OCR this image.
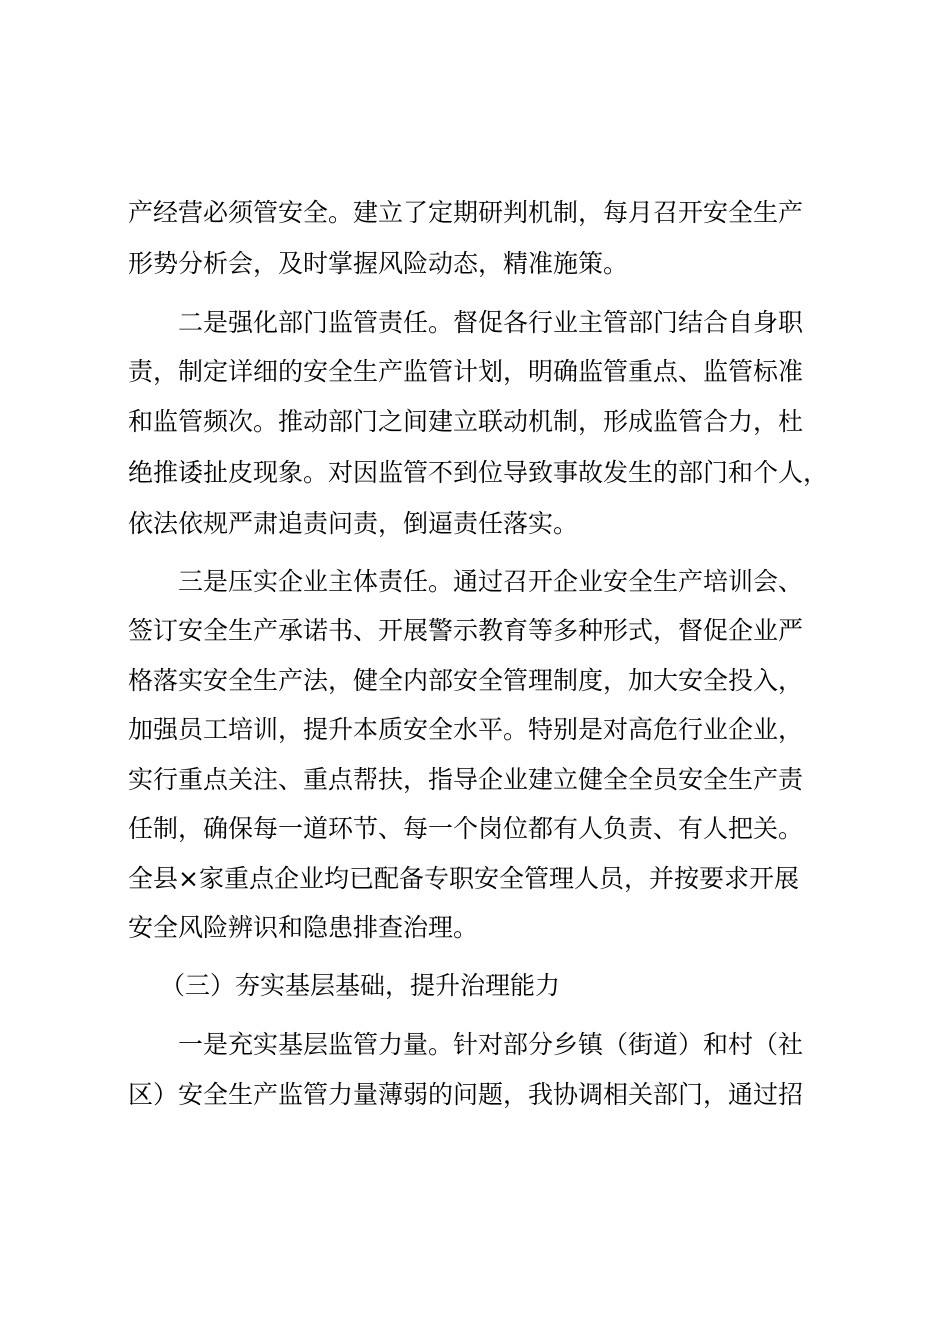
产经营必须管安全。建立了定期研判机制，每月召开安全生产
形势分析会，及时掌握风险动态，精准施策。
二是强化部门监管责任。督促各行业主管部门结合自身职
责，制定详细的安全生产监管计划，明确监管重点、监管标准
和监管频次。推动部门之间建立联动机制，形成监管合力，杜
绝推诿扯皮现象。对因监管不到位导致事故发生的部门和个人，
依法依规严肃追责问责，倒逼责任落实。
三是压实企业主体责任。通过召开企业安全生产培训会、
签订安全生产承诺书、开展警示教育等多种形式，督促企业严
格落实安全生产法，健全内部安全管理制度，加大安全投入，
加强员工培训，提升本质安全水平。特别是对高危行业企业，
实行重点关注、重点帮扶，指导企业建立健全全员安全生产责
任制，确保每一道环节、每一个岗位都有人负责、有人把关。
全县×家重点企业均已配备专职安全管理人员，并按要求开展
安全风险辨识和隐患排查治理。
（三）夯实基层基础，提升治理能力
一是充实基层监管力量。针对部分乡镇（街道）和村（社
区）安全生产监管力量薄弱的问题，我协调相关部门，通过招
